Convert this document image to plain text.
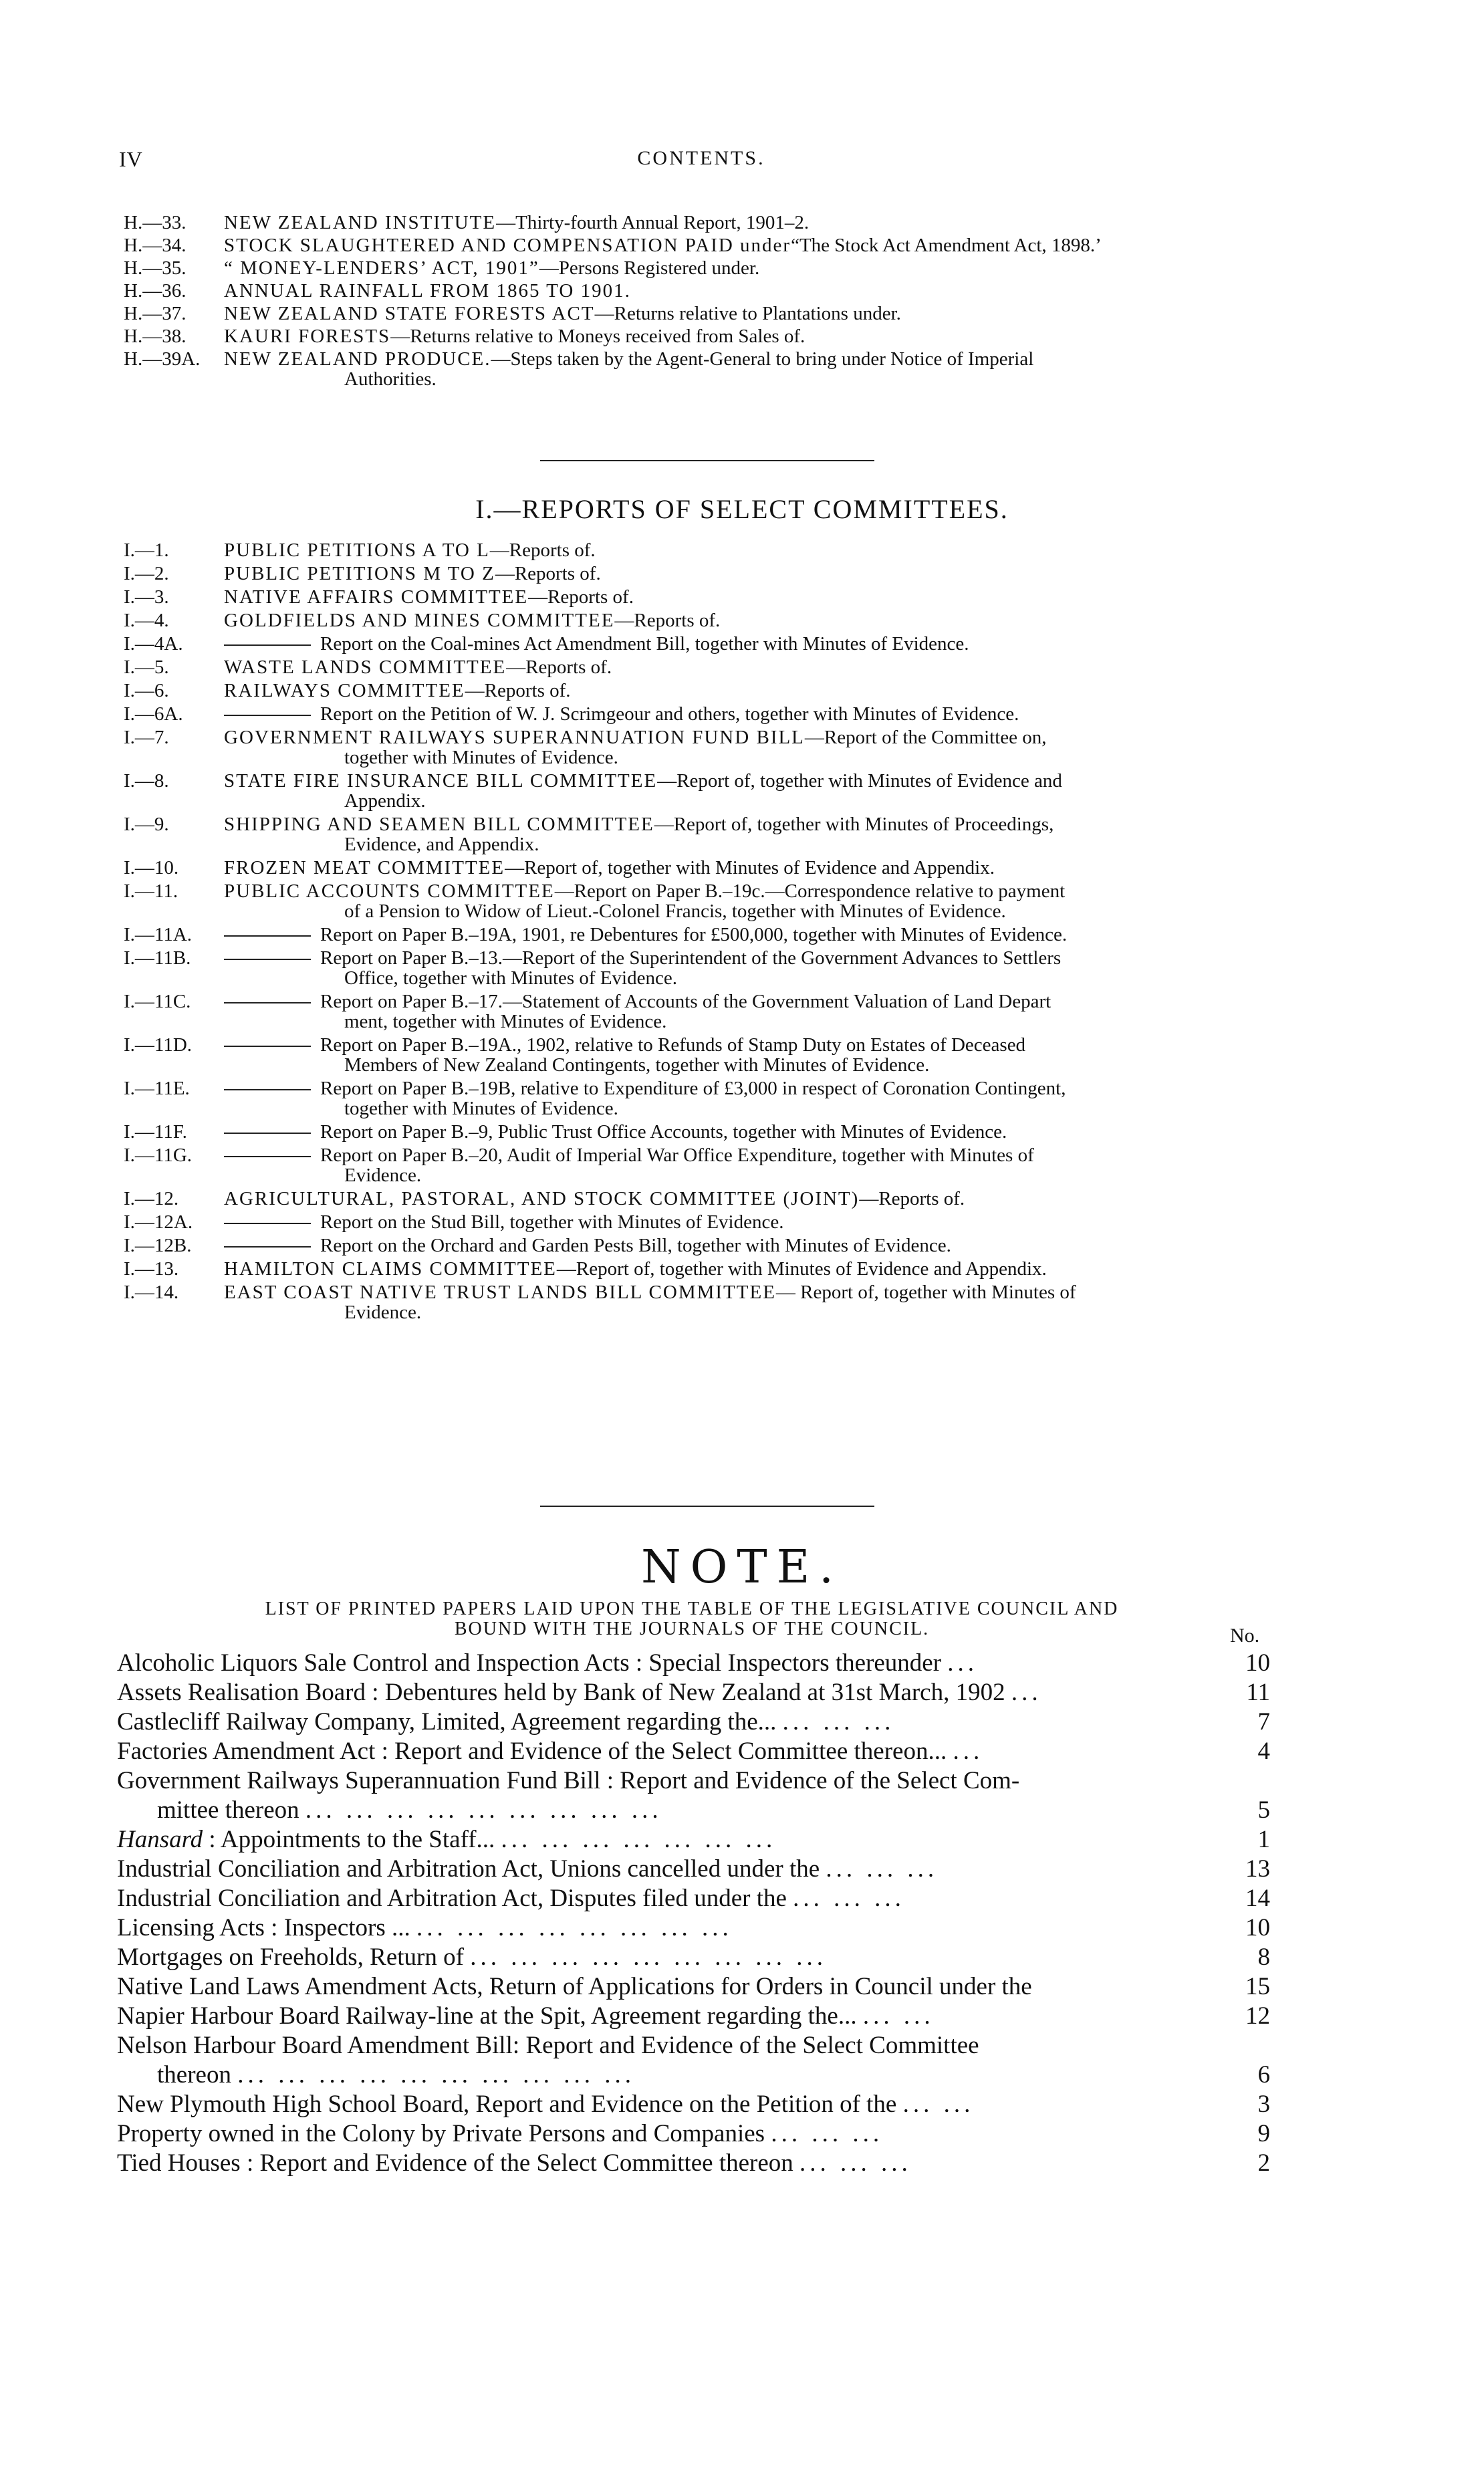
IV	CONTENTS.
H.—33.	NEW ZEALAND INSTITUTE—Thirty-fourth Annual Report, 1901–2.
H.—34.	STOCK SLAUGHTERED AND COMPENSATION PAID under“The Stock Act Amendment Act, 1898.’
H.—35.	“ MONEY-LENDERS’ ACT, 1901”—Persons Registered under.
H.—36.	ANNUAL RAINFALL FROM 1865 TO 1901.
H.—37.	NEW ZEALAND STATE FORESTS ACT—Returns relative to Plantations under.
H.—38.	KAURI FORESTS—Returns relative to Moneys received from Sales of.
H.—39A.	NEW ZEALAND PRODUCE.—Steps taken by the Agent-General to bring under Notice of Imperial
Authorities.
I.—REPORTS OF SELECT COMMITTEES.
I.—1.	PUBLIC PETITIONS A TO L—Reports of.
I.—2.	PUBLIC PETITIONS M TO Z—Reports of.
I.—3.	NATIVE AFFAIRS COMMITTEE—Reports of.
I.—4.	GOLDFIELDS AND MINES COMMITTEE—Reports of.
I.—4A.	Report on the Coal-mines Act Amendment Bill, together with Minutes of Evidence.
I.—5.	WASTE LANDS COMMITTEE—Reports of.
I.—6.	RAILWAYS COMMITTEE—Reports of.
I.—6A.	Report on the Petition of W. J. Scrimgeour and others, together with Minutes of Evidence.
I.—7.	GOVERNMENT RAILWAYS SUPERANNUATION FUND BILL—Report of the Committee on,
together with Minutes of Evidence.
I.—8.	STATE FIRE INSURANCE BILL COMMITTEE—Report of, together with Minutes of Evidence and
Appendix.
I.—9.	SHIPPING AND SEAMEN BILL COMMITTEE—Report of, together with Minutes of Proceedings,
Evidence, and Appendix.
I.—10.	FROZEN MEAT COMMITTEE—Report of, together with Minutes of Evidence and Appendix.
I.—11.	PUBLIC ACCOUNTS COMMITTEE—Report on Paper B.–19c.—Correspondence relative to payment
of a Pension to Widow of Lieut.-Colonel Francis, together with Minutes of Evidence.
I.—11A.	Report on Paper B.–19A, 1901, re Debentures for £500,000, together with Minutes of Evidence.
I.—11B.	Report on Paper B.–13.—Report of the Superintendent of the Government Advances to Settlers
Office, together with Minutes of Evidence.
I.—11C.	Report on Paper B.–17.—Statement of Accounts of the Government Valuation of Land Depart
ment, together with Minutes of Evidence.
I.—11D.	Report on Paper B.–19A., 1902, relative to Refunds of Stamp Duty on Estates of Deceased
Members of New Zealand Contingents, together with Minutes of Evidence.
I.—11E.	Report on Paper B.–19B, relative to Expenditure of £3,000 in respect of Coronation Contingent,
together with Minutes of Evidence.
I.—11F.	Report on Paper B.–9, Public Trust Office Accounts, together with Minutes of Evidence.
I.—11G.	Report on Paper B.–20, Audit of Imperial War Office Expenditure, together with Minutes of
Evidence.
I.—12.	AGRICULTURAL, PASTORAL, AND STOCK COMMITTEE (JOINT)—Reports of.
I.—12A.	Report on the Stud Bill, together with Minutes of Evidence.
I.—12B.	Report on the Orchard and Garden Pests Bill, together with Minutes of Evidence.
I.—13.	HAMILTON CLAIMS COMMITTEE—Report of, together with Minutes of Evidence and Appendix.
I.—14.	EAST COAST NATIVE TRUST LANDS BILL COMMITTEE— Report of, together with Minutes of
Evidence.
NOTE.
LIST OF PRINTED PAPERS LAID UPON THE TABLE OF THE LEGISLATIVE COUNCIL AND
BOUND WITH THE JOURNALS OF THE COUNCIL.	No.
Alcoholic Liquors Sale Control and Inspection Acts : Special Inspectors thereunder ...	10
Assets Realisation Board : Debentures held by Bank of New Zealand at 31st March, 1902 ...	11
Castlecliff Railway Company, Limited, Agreement regarding the... ... ... ...	7
Factories Amendment Act : Report and Evidence of the Select Committee thereon... ...	4
Government Railways Superannuation Fund Bill : Report and Evidence of the Select Com-
mittee thereon ... ... ... ... ... ... ... ... ...	5
Hansard : Appointments to the Staff... ... ... ... ... ... ... ...	1
Industrial Conciliation and Arbitration Act, Unions cancelled under the ... ... ...	13
Industrial Conciliation and Arbitration Act, Disputes filed under the ... ... ...	14
Licensing Acts : Inspectors ... ... ... ... ... ... ... ... ...	10
Mortgages on Freeholds, Return of ... ... ... ... ... ... ... ... ...	8
Native Land Laws Amendment Acts, Return of Applications for Orders in Council under the	15
Napier Harbour Board Railway-line at the Spit, Agreement regarding the... ... ...	12
Nelson Harbour Board Amendment Bill: Report and Evidence of the Select Committee
thereon ... ... ... ... ... ... ... ... ... ...	6
New Plymouth High School Board, Report and Evidence on the Petition of the ... ...	3
Property owned in the Colony by Private Persons and Companies ... ... ...	9
Tied Houses : Report and Evidence of the Select Committee thereon ... ... ...	2
